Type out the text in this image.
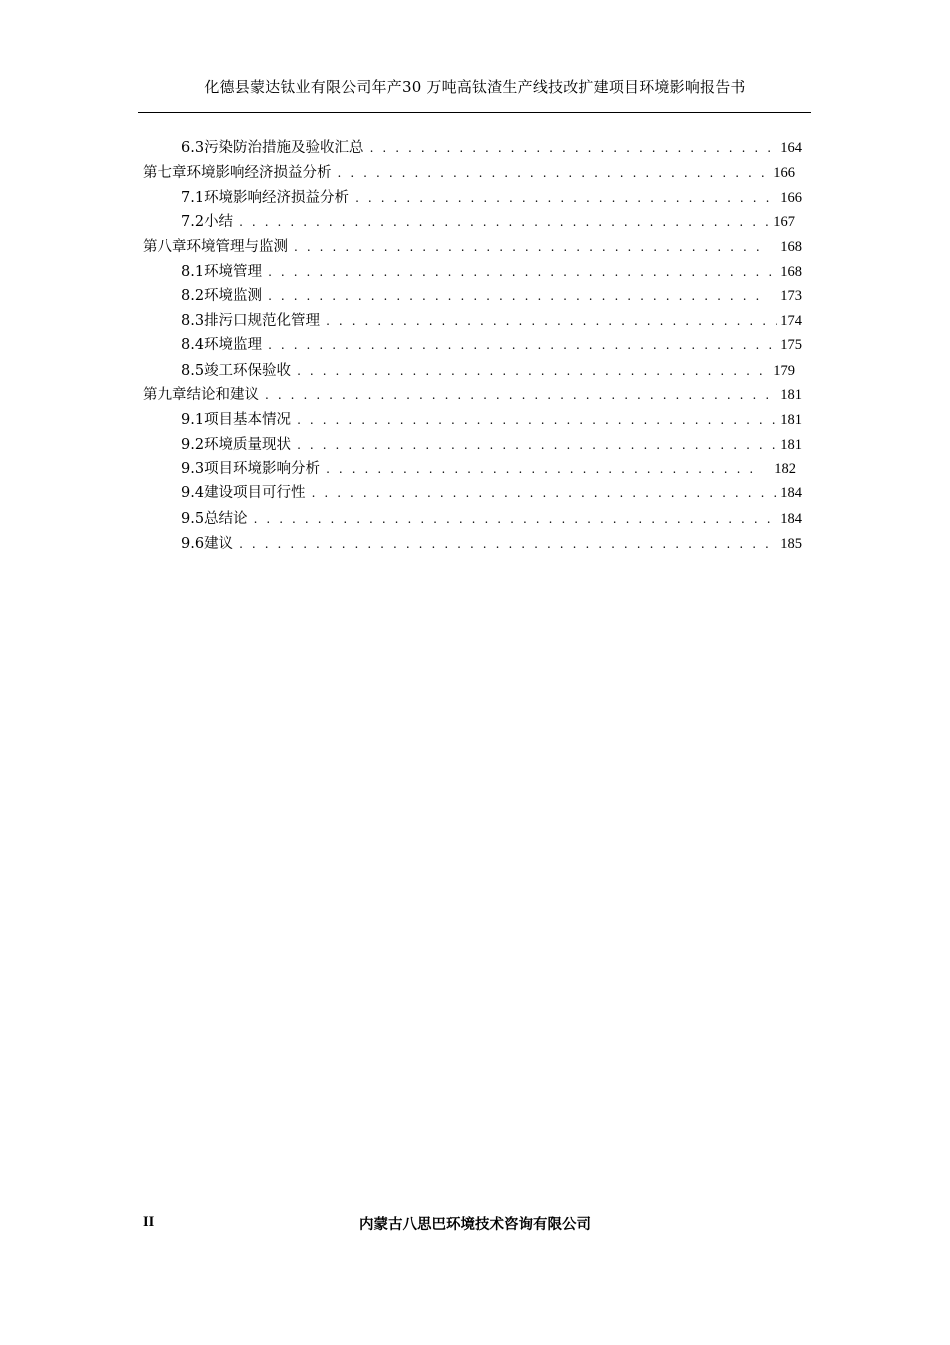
化德县蒙达钛业有限公司年产30 万吨高钛渣生产线技改扩建项目环境影响报告书
6.3 污染防治措施及验收汇总 . . .	164
第七章环境影响经济损益分析 . . .	166
7.1 环境影响经济损益分析 . . .	166
7.2 小结 . . .	167
第八章环境管理与监测 . . .	168
8.1 环境管理 . . .	168
8.2 环境监测 . . .	173
8.3 排污口规范化管理 . . .	174
8.4 环境监理 . . .	175
8.5 竣工环保验收 . . .	179
第九章结论和建议 . . .	181
9.1 项目基本情况 . . .	181
9.2 环境质量现状 . . .	181
9.3 项目环境影响分析 . . .	182
9.4 建设项目可行性 . . .	184
9.5 总结论 . . .	184
9.6 建议 . . .	185
II	内蒙古八思巴环境技术咨询有限公司
